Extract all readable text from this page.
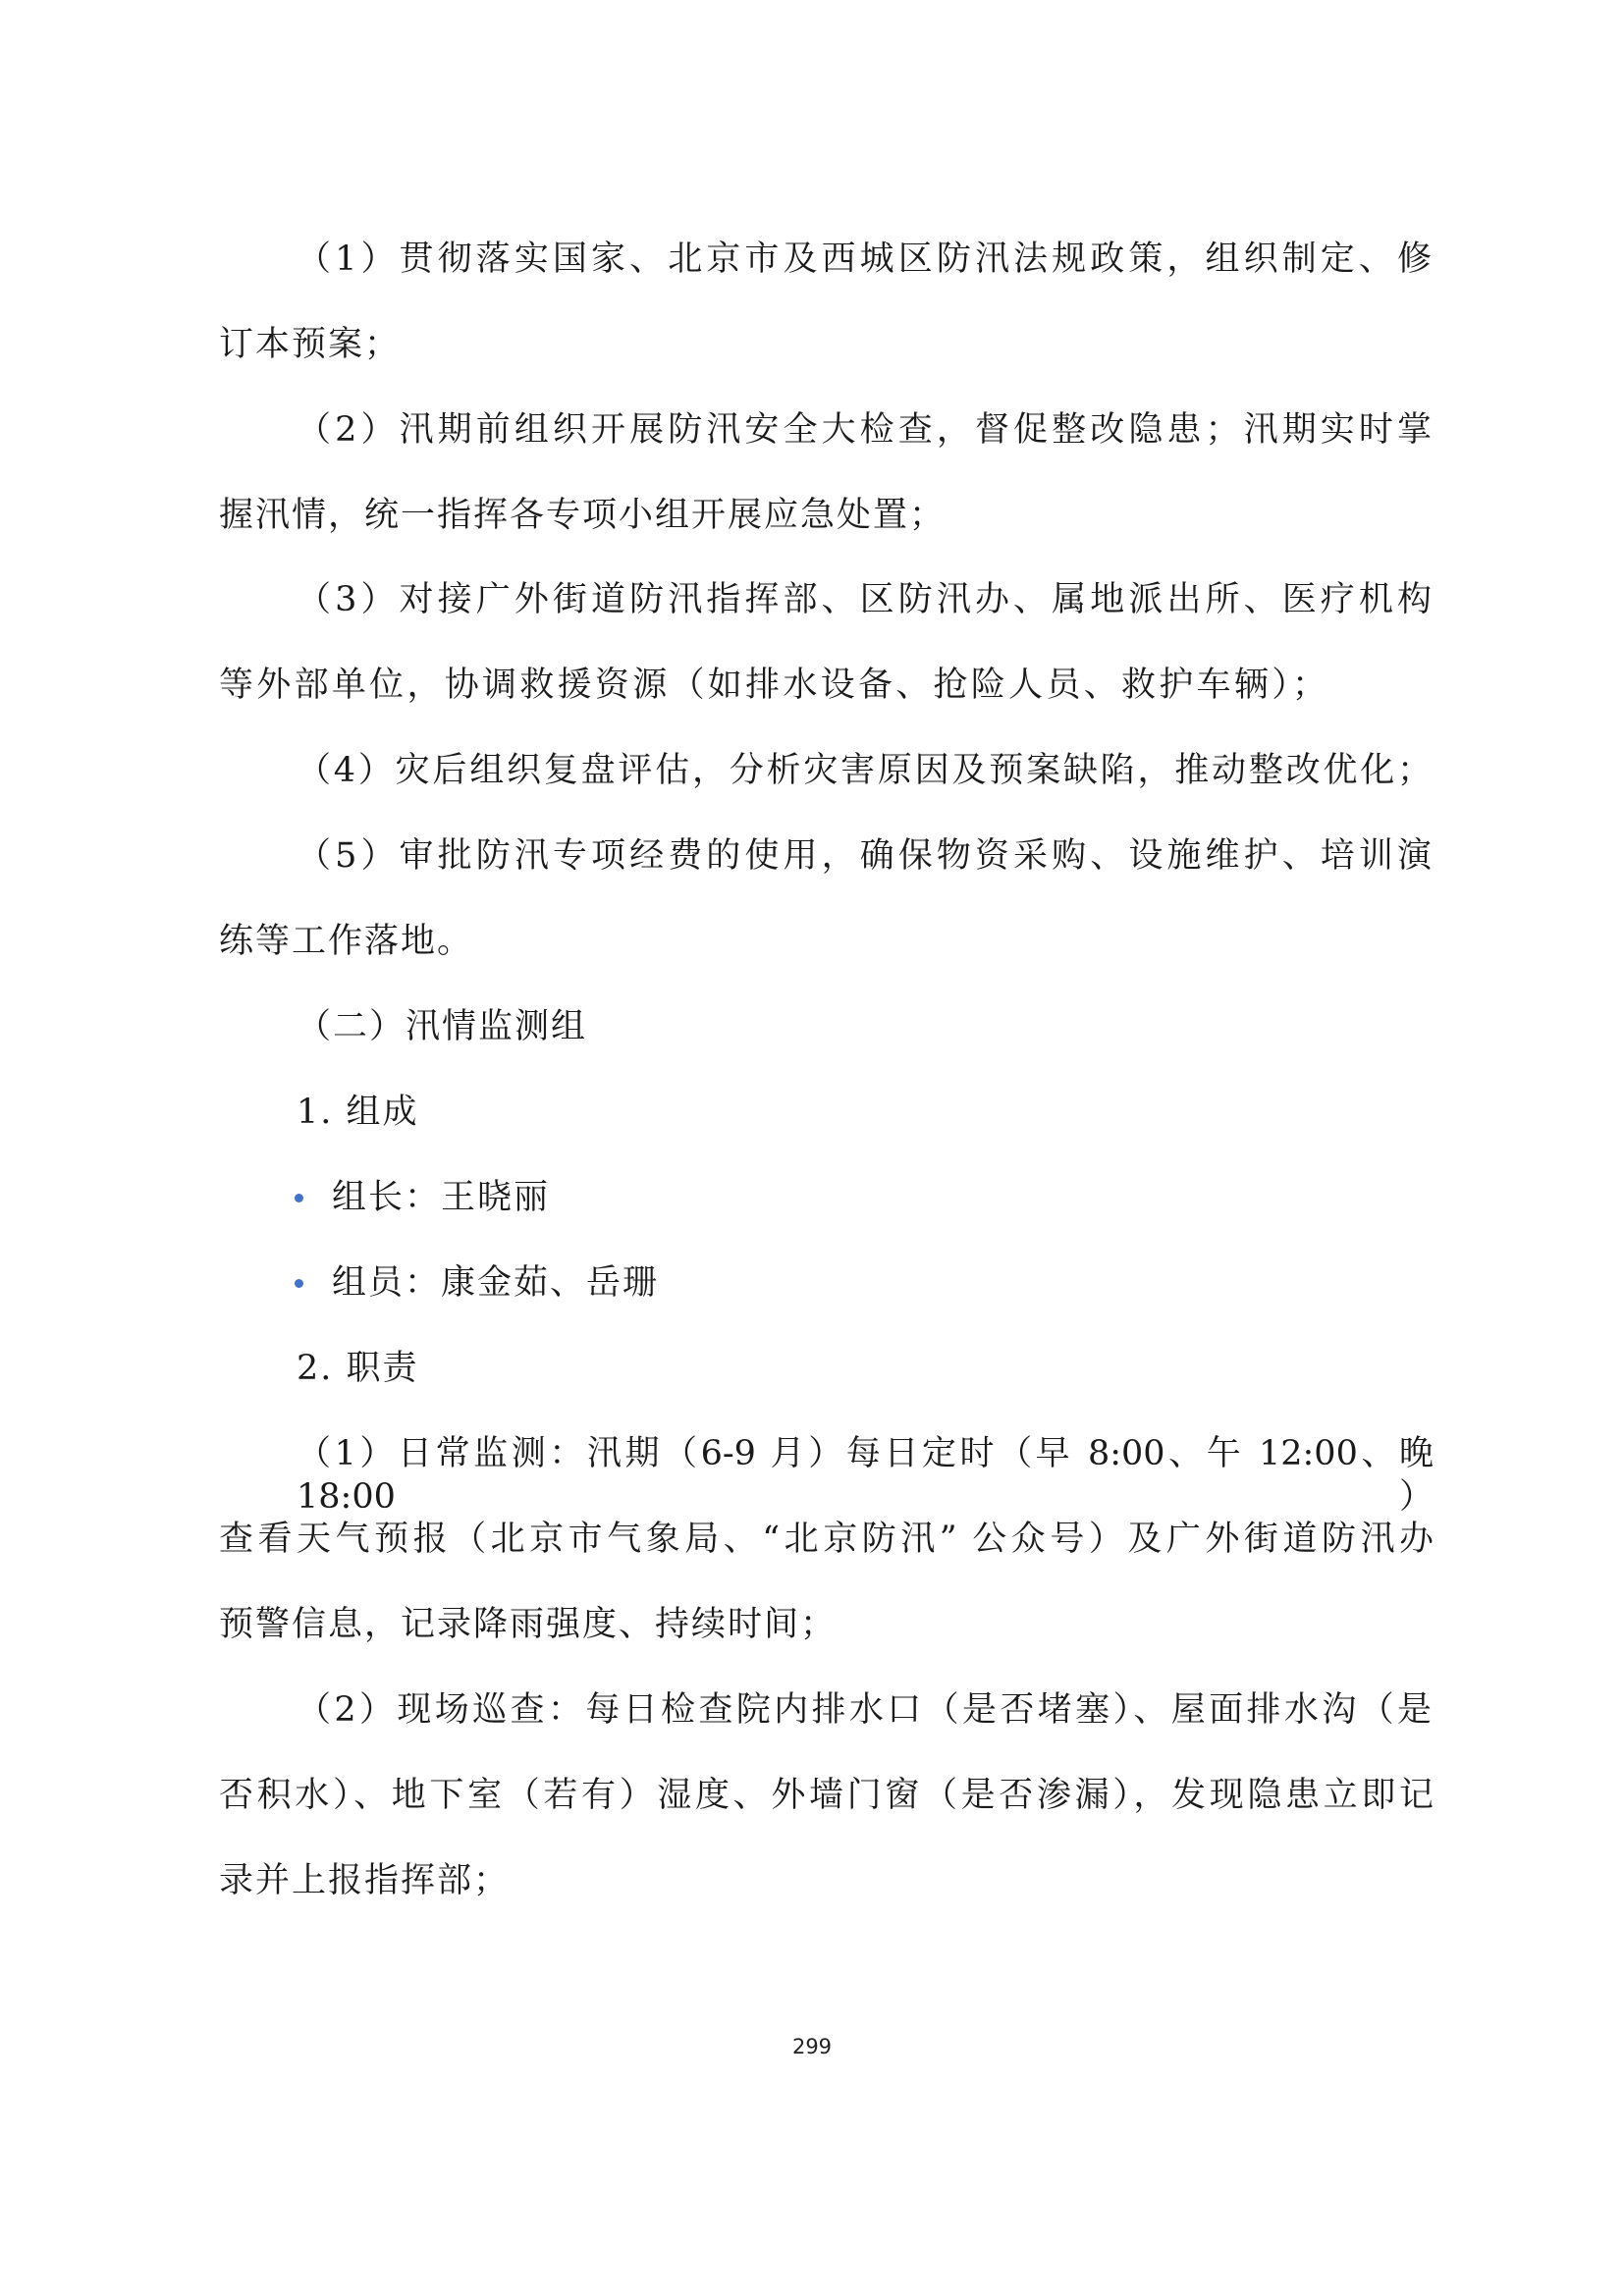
（1）贯彻落实国家、北京市及西城区防汛法规政策，组织制定、修
订本预案；
（2）汛期前组织开展防汛安全大检查，督促整改隐患；汛期实时掌
握汛情，统一指挥各专项小组开展应急处置；
（3）对接广外街道防汛指挥部、区防汛办、属地派出所、医疗机构
等外部单位，协调救援资源（如排水设备、抢险人员、救护车辆）；
（4）灾后组织复盘评估，分析灾害原因及预案缺陷，推动整改优化；
（5）审批防汛专项经费的使用，确保物资采购、设施维护、培训演
练等工作落地。
（二）汛情监测组
1. 组成
组长：王晓丽
组员：康金茹、岳珊
2. 职责
（1）日常监测：汛期（6-9 月）每日定时（早 8:00、午 12:00、晚 18:00）
查看天气预报（北京市气象局、“北京防汛” 公众号）及广外街道防汛办
预警信息，记录降雨强度、持续时间；
（2）现场巡查：每日检查院内排水口（是否堵塞）、屋面排水沟（是
否积水）、地下室（若有）湿度、外墙门窗（是否渗漏），发现隐患立即记
录并上报指挥部；
299
